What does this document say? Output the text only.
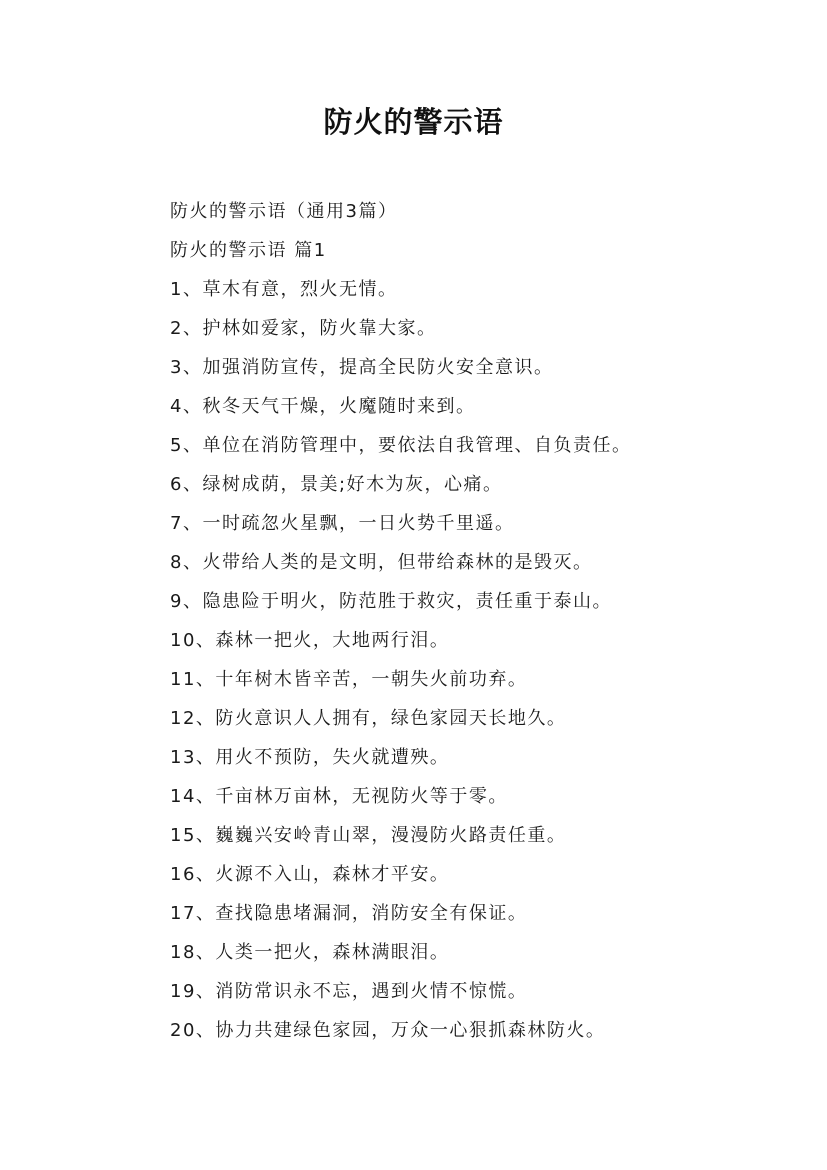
防火的警示语
防火的警示语（通用3篇）
防火的警示语 篇1
1、草木有意，烈火无情。
2、护林如爱家，防火靠大家。
3、加强消防宣传，提高全民防火安全意识。
4、秋冬天气干燥，火魔随时来到。
5、单位在消防管理中，要依法自我管理、自负责任。
6、绿树成荫，景美;好木为灰，心痛。
7、一时疏忽火星飘，一日火势千里遥。
8、火带给人类的是文明，但带给森林的是毁灭。
9、隐患险于明火，防范胜于救灾，责任重于泰山。
10、森林一把火，大地两行泪。
11、十年树木皆辛苦，一朝失火前功弃。
12、防火意识人人拥有，绿色家园天长地久。
13、用火不预防，失火就遭殃。
14、千亩林万亩林，无视防火等于零。
15、巍巍兴安岭青山翠，漫漫防火路责任重。
16、火源不入山，森林才平安。
17、查找隐患堵漏洞，消防安全有保证。
18、人类一把火，森林满眼泪。
19、消防常识永不忘，遇到火情不惊慌。
20、协力共建绿色家园，万众一心狠抓森林防火。
